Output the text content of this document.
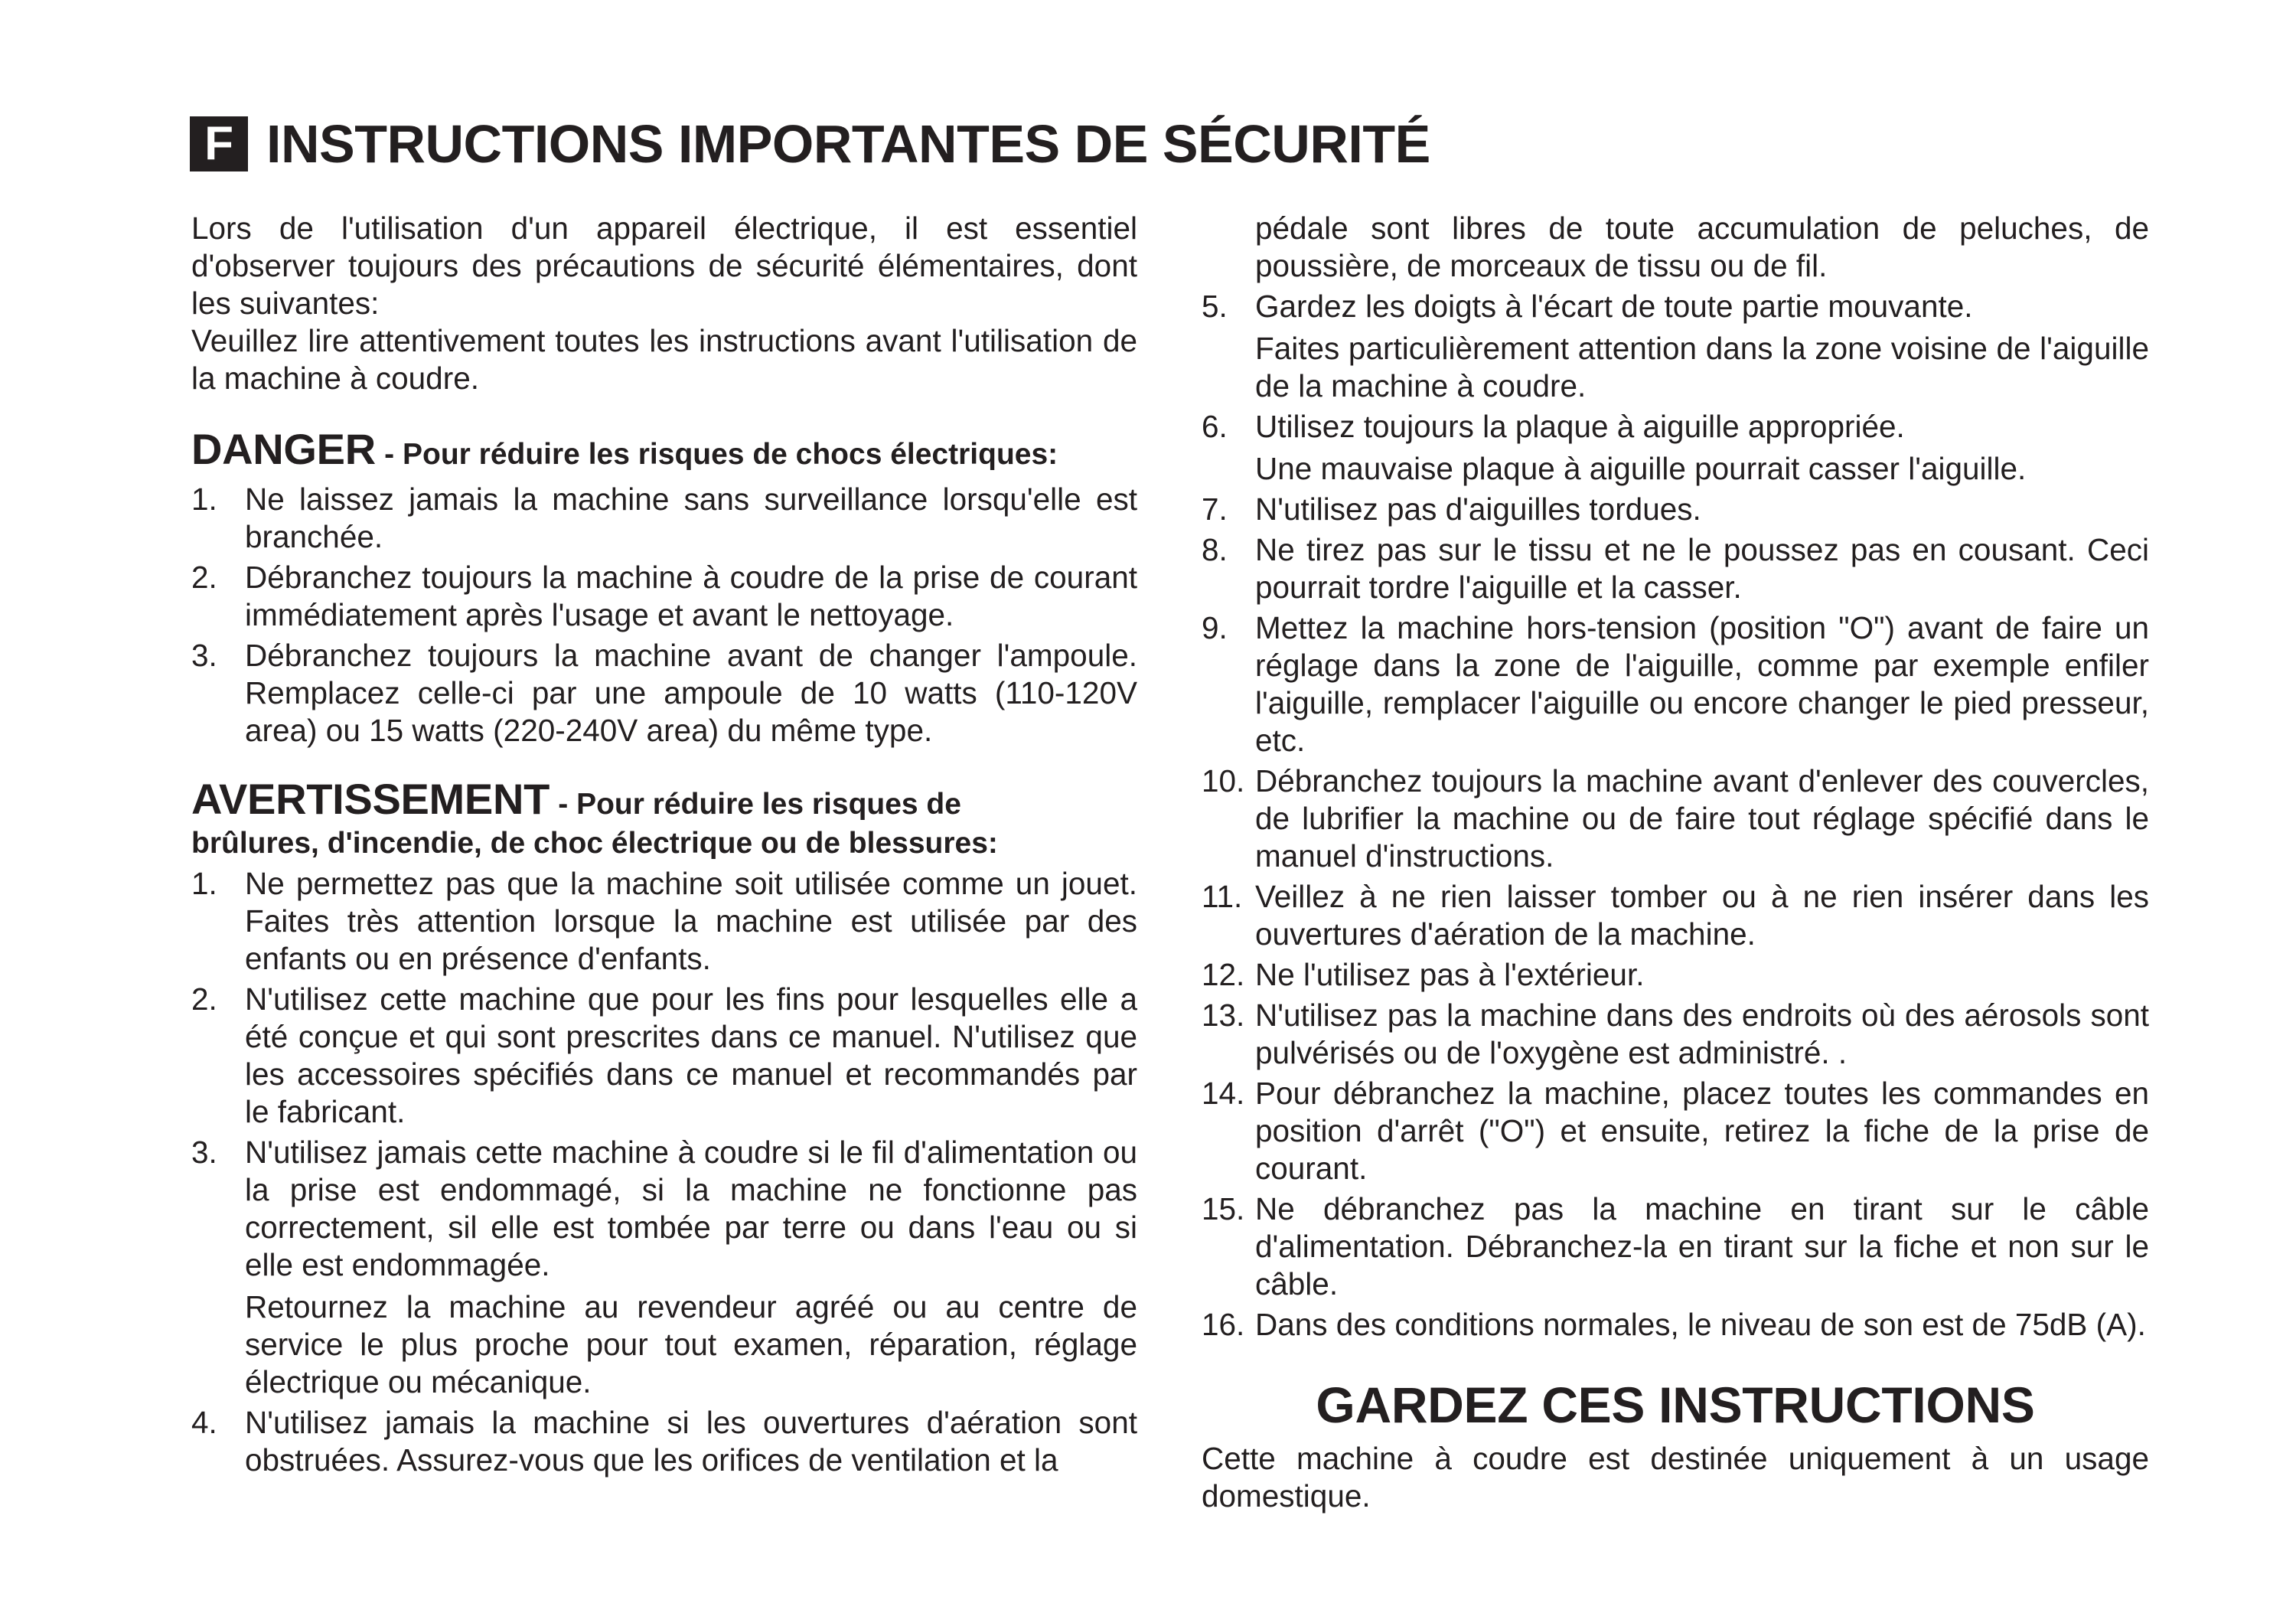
F INSTRUCTIONS IMPORTANTES DE SÉCURITÉ

Lors de l'utilisation d'un appareil électrique, il est essentiel d'observer toujours des précautions de sécurité élémentaires, dont les suivantes:

Veuillez lire attentivement toutes les instructions avant l'utilisation de la machine à coudre.

DANGER - Pour réduire les risques de chocs électriques:
1. Ne laissez jamais la machine sans surveillance lorsqu'elle est branchée.

2. Débranchez toujours la machine à coudre de la prise de courant immédiatement après l'usage et avant le nettoyage.

3. Débranchez toujours la machine avant de changer l'ampoule. Remplacez celle-ci par une ampoule de 10 watts (110-120V area) ou 15 watts (220-240V area) du même type.

AVERTISSEMENT - Pour réduire les risques de
brûlures, d'incendie, de choc électrique ou de blessures:
1. Ne permettez pas que la machine soit utilisée comme un jouet. Faites très attention lorsque la machine est utilisée par des enfants ou en présence d'enfants.

2. N'utilisez cette machine que pour les fins pour lesquelles elle a été conçue et qui sont prescrites dans ce manuel. N'utilisez que les accessoires spécifiés dans ce manuel et recommandés par le fabricant.

3. N'utilisez jamais cette machine à coudre si le fil d'alimentation ou la prise est endommagé, si la machine ne fonctionne pas correctement, sil elle est tombée par terre ou dans l'eau ou si elle est endommagée.

Retournez la machine au revendeur agréé ou au centre de service le plus proche pour tout examen, réparation, réglage électrique ou mécanique.

4. N'utilisez jamais la machine si les ouvertures d'aération sont obstruées. Assurez-vous que les orifices de ventilation et la

pédale sont libres de toute accumulation de peluches, de poussière, de morceaux de tissu ou de fil.

5. Gardez les doigts à l'écart de toute partie mouvante.

Faites particulièrement attention dans la zone voisine de l'aiguille de la machine à coudre.

6. Utilisez toujours la plaque à aiguille appropriée.

Une mauvaise plaque à aiguille pourrait casser l'aiguille.

7. N'utilisez pas d'aiguilles tordues.

8. Ne tirez pas sur le tissu et ne le poussez pas en cousant. Ceci pourrait tordre l'aiguille et la casser.

9. Mettez la machine hors-tension (position "O") avant de faire un réglage dans la zone de l'aiguille, comme par exemple enfiler l'aiguille, remplacer l'aiguille ou encore changer le pied presseur, etc.

10. Débranchez toujours la machine avant d'enlever des couvercles, de lubrifier la machine ou de faire tout réglage spécifié dans le manuel d'instructions.

11. Veillez à ne rien laisser tomber ou à ne rien insérer dans les ouvertures d'aération de la machine.

12. Ne l'utilisez pas à l'extérieur.

13. N'utilisez pas la machine dans des endroits où des aérosols sont pulvérisés ou de l'oxygène est administré. .

14. Pour débranchez la machine, placez toutes les commandes en position d'arrêt ("O") et ensuite, retirez la fiche de la prise de courant.

15. Ne débranchez pas la machine en tirant sur le câble d'alimentation. Débranchez-la en tirant sur la fiche et non sur le câble.

16. Dans des conditions normales, le niveau de son est de 75dB (A).

GARDEZ CES INSTRUCTIONS

Cette machine à coudre est destinée uniquement à un usage domestique.
